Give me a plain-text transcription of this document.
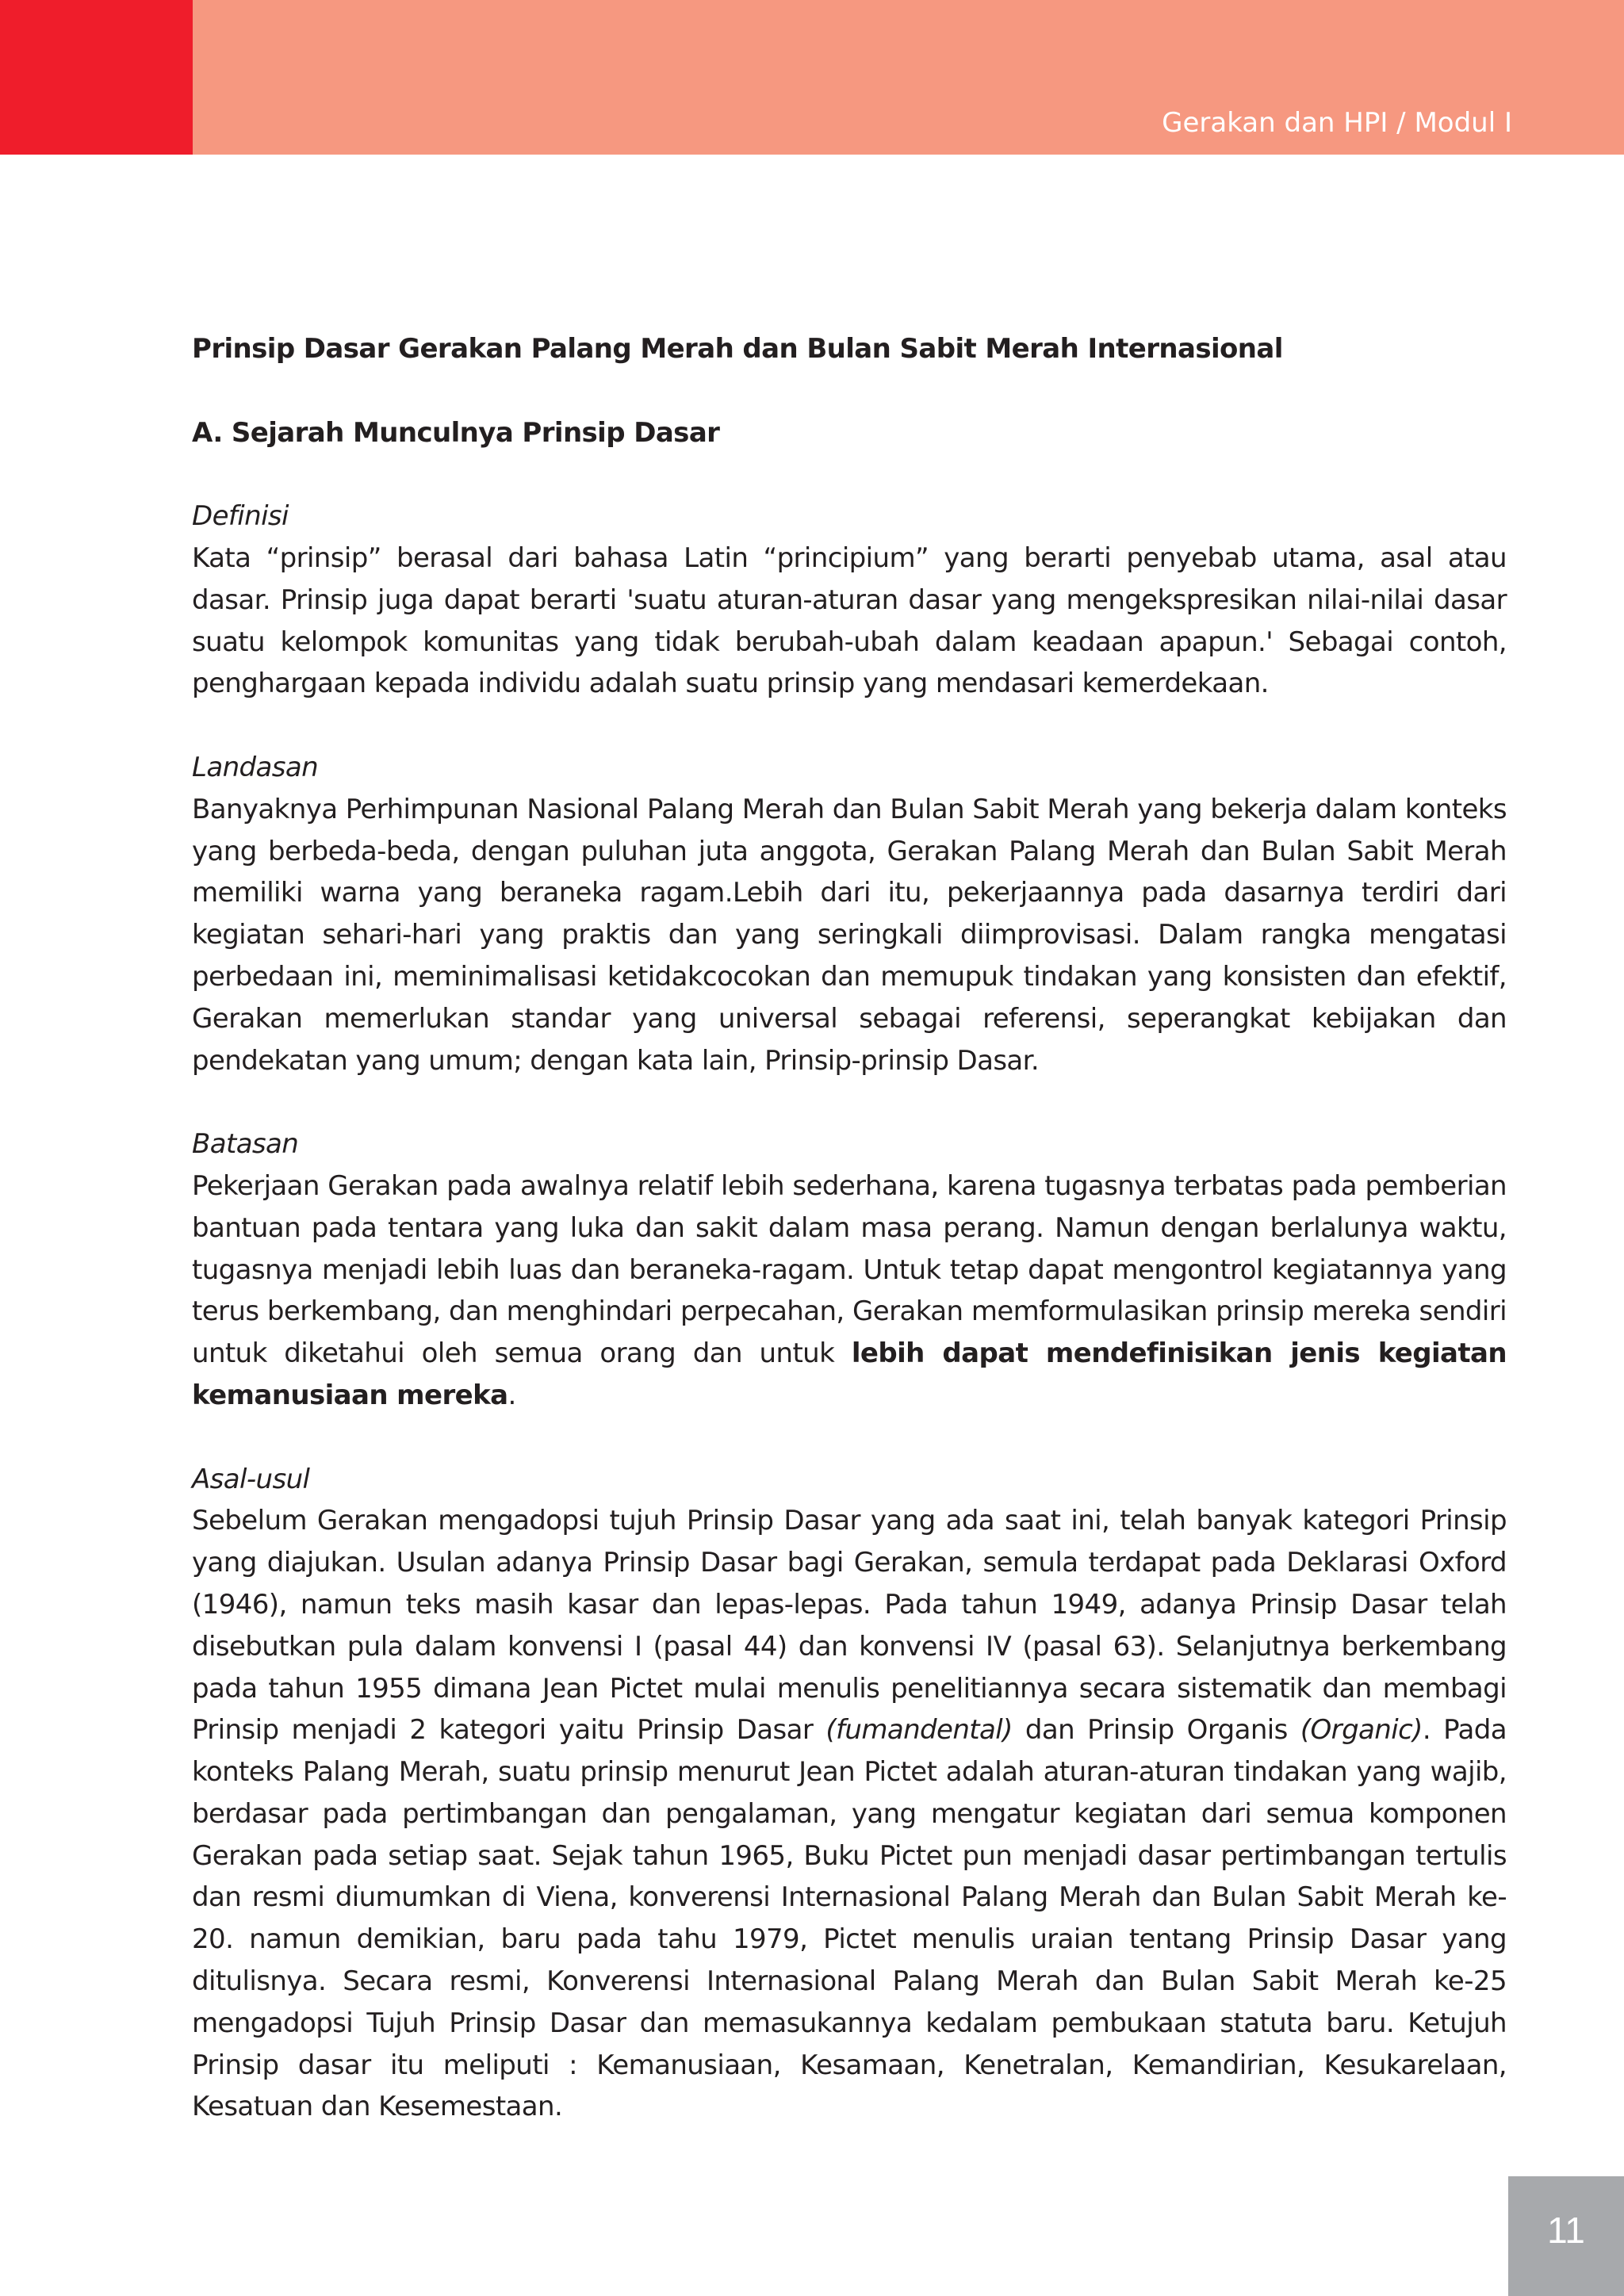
Gerakan dan HPI / Modul I

Prinsip Dasar Gerakan Palang Merah dan Bulan Sabit Merah Internasional

A. Sejarah Munculnya Prinsip Dasar

Definisi

Kata “prinsip” berasal dari bahasa Latin “principium” yang berarti penyebab utama, asal atau dasar. Prinsip juga dapat berarti 'suatu aturan-aturan dasar yang mengekspresikan nilai-nilai dasar suatu kelompok komunitas yang tidak berubah-ubah dalam keadaan apapun.' Sebagai contoh, penghargaan kepada individu adalah suatu prinsip yang mendasari kemerdekaan.

Landasan

Banyaknya Perhimpunan Nasional Palang Merah dan Bulan Sabit Merah yang bekerja dalam konteks yang berbeda-beda, dengan puluhan juta anggota, Gerakan Palang Merah dan Bulan Sabit Merah memiliki warna yang beraneka ragam.Lebih dari itu, pekerjaannya pada dasarnya terdiri dari kegiatan sehari-hari yang praktis dan yang seringkali diimprovisasi. Dalam rangka mengatasi perbedaan ini, meminimalisasi ketidakcocokan dan memupuk tindakan yang konsisten dan efektif, Gerakan memerlukan standar yang universal sebagai referensi, seperangkat kebijakan dan pendekatan yang umum; dengan kata lain, Prinsip-prinsip Dasar.

Batasan

Pekerjaan Gerakan pada awalnya relatif lebih sederhana, karena tugasnya terbatas pada pemberian bantuan pada tentara yang luka dan sakit dalam masa perang. Namun dengan berlalunya waktu, tugasnya menjadi lebih luas dan beraneka-ragam. Untuk tetap dapat mengontrol kegiatannya yang terus berkembang, dan menghindari perpecahan, Gerakan memformulasikan prinsip mereka sendiri untuk diketahui oleh semua orang dan untuk lebih dapat mendefinisikan jenis kegiatan kemanusiaan mereka.

Asal-usul

Sebelum Gerakan mengadopsi tujuh Prinsip Dasar yang ada saat ini, telah banyak kategori Prinsip yang diajukan. Usulan adanya Prinsip Dasar bagi Gerakan, semula terdapat pada Deklarasi Oxford (1946), namun teks masih kasar dan lepas-lepas. Pada tahun 1949, adanya Prinsip Dasar telah disebutkan pula dalam konvensi I (pasal 44) dan konvensi IV (pasal 63). Selanjutnya berkembang pada tahun 1955 dimana Jean Pictet mulai menulis penelitiannya secara sistematik dan membagi Prinsip menjadi 2 kategori yaitu Prinsip Dasar (fumandental) dan Prinsip Organis (Organic). Pada konteks Palang Merah, suatu prinsip menurut Jean Pictet adalah aturan-aturan tindakan yang wajib, berdasar pada pertimbangan dan pengalaman, yang mengatur kegiatan dari semua komponen Gerakan pada setiap saat. Sejak tahun 1965, Buku Pictet pun menjadi dasar pertimbangan tertulis dan resmi diumumkan di Viena, konverensi Internasional Palang Merah dan Bulan Sabit Merah ke-20. namun demikian, baru pada tahu 1979, Pictet menulis uraian tentang Prinsip Dasar yang ditulisnya. Secara resmi, Konverensi Internasional Palang Merah dan Bulan Sabit Merah ke-25 mengadopsi Tujuh Prinsip Dasar dan memasukannya kedalam pembukaan statuta baru. Ketujuh Prinsip dasar itu meliputi : Kemanusiaan, Kesamaan, Kenetralan, Kemandirian, Kesukarelaan, Kesatuan dan Kesemestaan.

11
